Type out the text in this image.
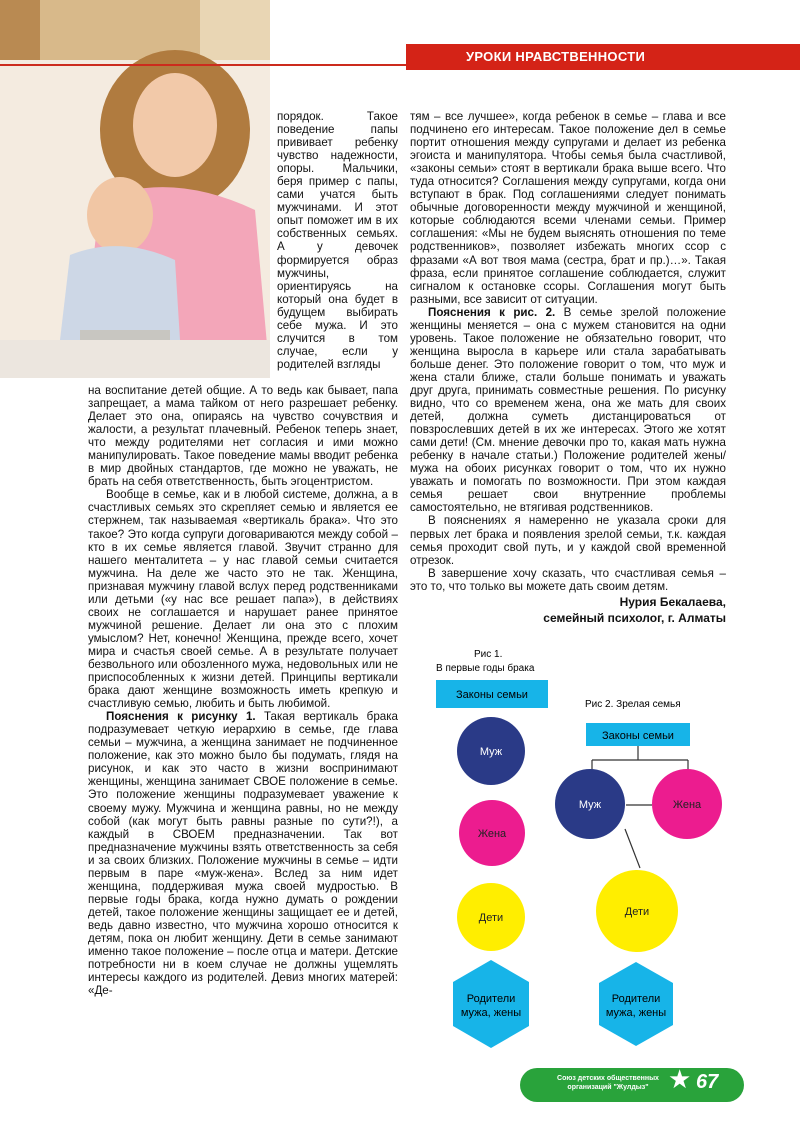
УРОКИ НРАВСТВЕННОСТИ

порядок. Такое поведение папы прививает ребенку чувство надежности, опоры. Мальчики, беря пример с папы, сами учатся быть мужчинами. И этот опыт поможет им в их собственных семьях. А у девочек формируется образ мужчины, ориентируясь на который она будет в будущем выбирать себе мужа. И это случится в том случае, если у родителей взгляды

на воспитание детей общие. А то ведь как бывает, папа запрещает, а мама тайком от него разрешает ребенку. Делает это она, опираясь на чувство сочувствия и жалости, а результат плачевный. Ребенок теперь знает, что между родителями нет согласия и ими можно манипулировать. Такое поведение мамы вводит ребенка в мир двойных стандартов, где можно не уважать, не брать на себя ответственность, быть эгоцентристом.

Вообще в семье, как и в любой системе, должна, а в счастливых семьях это скрепляет семью и является ее стержнем, так называемая «вертикаль брака». Что это такое? Это когда супруги договариваются между собой – кто в их семье является главой. Звучит странно для нашего менталитета – у нас главой семьи считается мужчина. На деле же часто это не так. Женщина, признавая мужчину главой вслух перед родственниками или детьми («у нас все решает папа»), в действиях своих не соглашается и нарушает ранее принятое мужчиной решение. Делает ли она это с плохим умыслом? Нет, конечно! Женщина, прежде всего, хочет мира и счастья своей семье. А в результате получает безвольного или обозленного мужа, недовольных или не приспособленных к жизни детей. Принципы вертикали брака дают женщине возможность иметь крепкую и счастливую семью, любить и быть любимой.

Пояснения к рисунку 1. Такая вертикаль брака подразумевает четкую иерархию в семье, где глава семьи – мужчина, а женщина занимает не подчиненное положение, как это можно было бы подумать, глядя на рисунок, и как это часто в жизни воспринимают женщины, женщина занимает СВОЕ положение в семье. Это положение женщины подразумевает уважение к своему мужу. Мужчина и женщина равны, но не между собой (как могут быть равны разные по сути?!), а каждый в СВОЕМ предназначении. Так вот предназначение мужчины взять ответственность за себя и за своих близких. Положение мужчины в семье – идти первым в паре «муж-жена». Вслед за ним идет женщина, поддерживая мужа своей мудростью. В первые годы брака, когда нужно думать о рождении детей, такое положение женщины защищает ее и детей, ведь давно известно, что мужчина хорошо относится к детям, пока он любит женщину. Дети в семье занимают именно такое положение – после отца и матери. Детские потребности ни в коем случае не должны ущемлять интересы каждого из родителей. Девиз многих матерей: «Де-

тям – все лучшее», когда ребенок в семье – глава и все подчинено его интересам. Такое положение дел в семье портит отношения между супругами и делает из ребенка эгоиста и манипулятора. Чтобы семья была счастливой, «законы семьи» стоят в вертикали брака выше всего. Что туда относится? Соглашения между супругами, когда они вступают в брак. Под соглашениями следует понимать обычные договоренности между мужчиной и женщиной, которые соблюдаются всеми членами семьи. Пример соглашения: «Мы не будем выяснять отношения по теме родственников», позволяет избежать многих ссор с фразами «А вот твоя мама (сестра, брат и пр.)…». Такая фраза, если принятое соглашение соблюдается, служит сигналом к остановке ссоры. Соглашения могут быть разными, все зависит от ситуации.

Пояснения к рис. 2. В семье зрелой положение женщины меняется – она с мужем становится на одни уровень. Такое положение не обязательно говорит, что женщина выросла в карьере или стала зарабатывать больше денег. Это положение говорит о том, что муж и жена стали ближе, стали больше понимать и уважать друг друга, принимать совместные решения. По рисунку видно, что со временем жена, она же мать для своих детей, должна суметь дистанцироваться от повзрослевших детей в их же интересах. Этого же хотят сами дети! (См. мнение девочки про то, какая мать нужна ребенку в начале статьи.) Положение родителей жены/мужа на обоих рисунках говорит о том, что их нужно уважать и помогать по возможности. При этом каждая семья решает свои внутренние проблемы самостоятельно, не втягивая родственников.

В пояснениях я намеренно не указала сроки для первых лет брака и появления зрелой семьи, т.к. каждая семья проходит свой путь, и у каждой свой временной отрезок.

В завершение хочу сказать, что счастливая семья – это то, что только вы можете дать своим детям.

Нурия Бекалаева,
семейный психолог, г. Алматы
Рис 1.
В первые годы брака
Законы семьи
Муж
Жена
Дети
Родители
мужа, жены
Рис 2. Зрелая семья
Законы семьи
Муж	Жена
Дети
Родители
мужа, жены
Союз детских общественных организаций "Жулдыз" ★ 67
